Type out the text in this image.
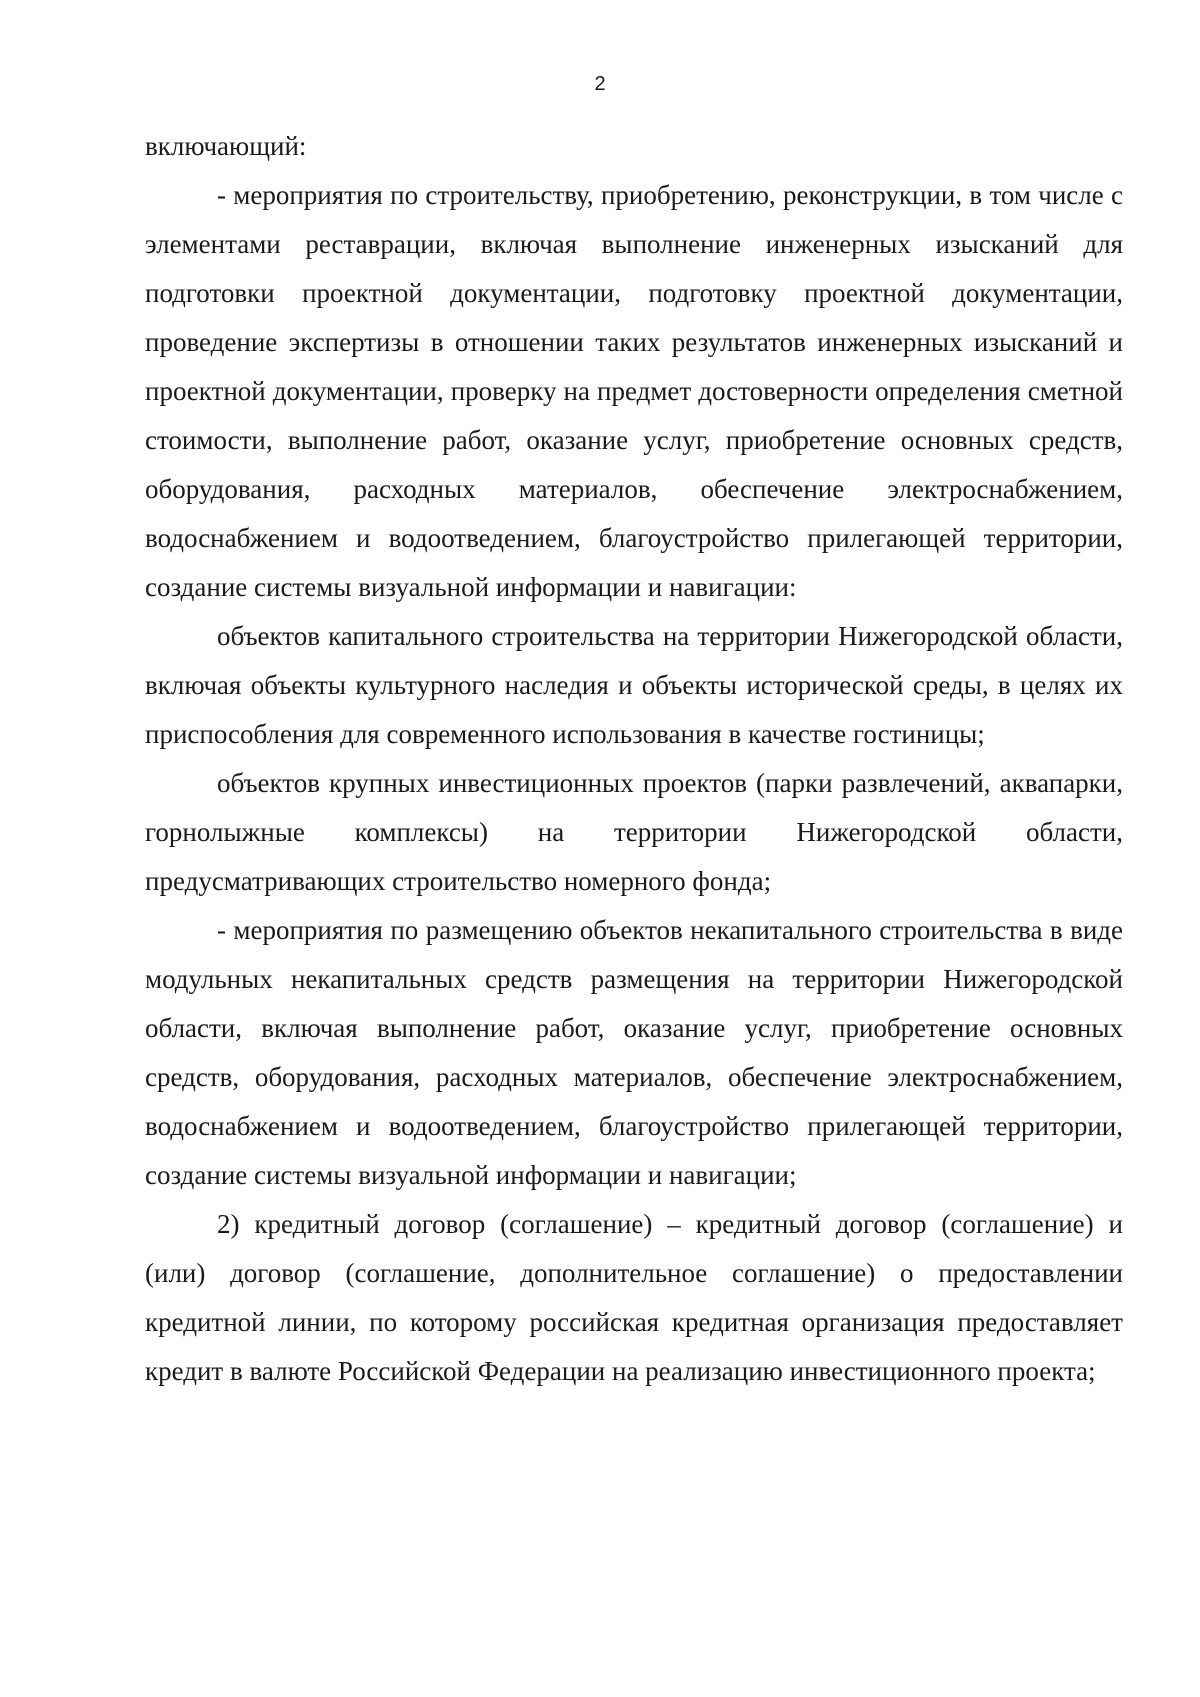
2

включающий:

- мероприятия по строительству, приобретению, реконструкции, в том числе с элементами реставрации, включая выполнение инженерных изысканий для подготовки проектной документации, подготовку проектной документации, проведение экспертизы в отношении таких результатов инженерных изысканий и проектной документации, проверку на предмет достоверности определения сметной стоимости, выполнение работ, оказание услуг, приобретение основных средств, оборудования, расходных материалов, обеспечение электроснабжением, водоснабжением и водоотведением, благоустройство прилегающей территории, создание системы визуальной информации и навигации:

объектов капитального строительства на территории Нижегородской области, включая объекты культурного наследия и объекты исторической среды, в целях их приспособления для современного использования в качестве гостиницы;

объектов крупных инвестиционных проектов (парки развлечений, аквапарки, горнолыжные комплексы) на территории Нижегородской области, предусматривающих строительство номерного фонда;

- мероприятия по размещению объектов некапитального строительства в виде модульных некапитальных средств размещения на территории Нижегородской области, включая выполнение работ, оказание услуг, приобретение основных средств, оборудования, расходных материалов, обеспечение электроснабжением, водоснабжением и водоотведением, благоустройство прилегающей территории, создание системы визуальной информации и навигации;

2) кредитный договор (соглашение) – кредитный договор (соглашение) и (или) договор (соглашение, дополнительное соглашение) о предоставлении кредитной линии, по которому российская кредитная организация предоставляет кредит в валюте Российской Федерации на реализацию инвестиционного проекта;
